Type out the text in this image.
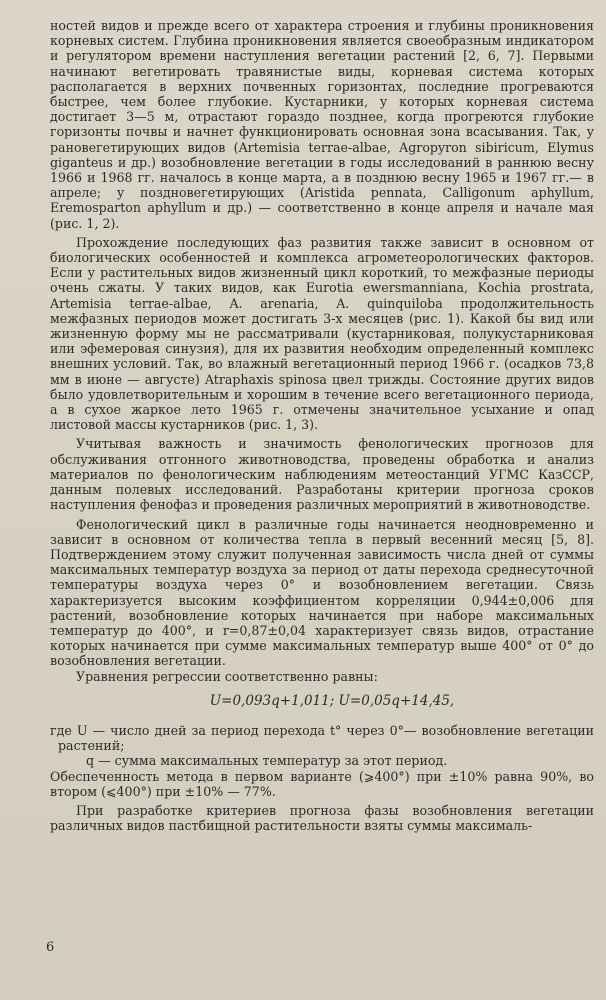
ностей видов и прежде всего от характера строения и глубины проникновения корневых систем. Глубина проникновения является своеобразным индикатором и регулятором времени наступления вегетации растений [2, 6, 7]. Первыми начинают вегетировать травянистые виды, корневая система которых располагается в верхних почвенных горизонтах, последние прогреваются быстрее, чем более глубокие. Кустарники, у которых корневая система достигает 3—5 м, отрастают гораздо позднее, когда прогреются глубокие горизонты почвы и начнет функционировать основная зона всасывания. Так, у рановегетирующих видов (Artemisia terrae-albae, Agropyron sibiricum, Elymus giganteus и др.) возобновление вегетации в годы исследований в раннюю весну 1966 и 1968 гг. началось в конце марта, а в позднюю весну 1965 и 1967 гг.— в апреле; у поздновегетирующих (Aristida pennata, Calligonum aphyllum, Eremosparton aphyllum и др.) — соответственно в конце апреля и начале мая (рис. 1, 2).

Прохождение последующих фаз развития также зависит в основном от биологических особенностей и комплекса агрометеорологических факторов. Если у растительных видов жизненный цикл короткий, то межфазные периоды очень сжаты. У таких видов, как Eurotia ewersmanniana, Kochia prostrata, Artemisia terrae-albae, A. arenaria, A. quinquiloba продолжительность межфазных периодов может достигать 3-х месяцев (рис. 1). Какой бы вид или жизненную форму мы не рассматривали (кустарниковая, полукустарниковая или эфемеровая синузия), для их развития необходим определенный комплекс внешних условий. Так, во влажный вегетационный период 1966 г. (осадков 73,8 мм в июне — августе) Atraphaxis spinosa цвел трижды. Состояние других видов было удовлетворительным и хорошим в течение всего вегетационного периода, а в сухое жаркое лето 1965 г. отмечены значительное усыхание и опад листовой массы кустарников (рис. 1, 3).

Учитывая важность и значимость фенологических прогнозов для обслуживания отгонного животноводства, проведены обработка и анализ материалов по фенологическим наблюдениям метеостанций УГМС КазССР, данным полевых исследований. Разработаны критерии прогноза сроков наступления фенофаз и проведения различных мероприятий в животноводстве.

Фенологический цикл в различные годы начинается неодновременно и зависит в основном от количества тепла в первый весенний месяц [5, 8]. Подтверждением этому служит полученная зависимость числа дней от суммы максимальных температур воздуха за период от даты перехода среднесуточной температуры воздуха через 0° и возобновлением вегетации. Связь характеризуется высоким коэффициентом корреляции 0,944±0,006 для растений, возобновление которых начинается при наборе максимальных температур до 400°, и r=0,87±0,04 характеризует связь видов, отрастание которых начинается при сумме максимальных температур выше 400° от 0° до возобновления вегетации.

Уравнения регрессии соответственно равны:

U=0,093q+1,011; U=0,05q+14,45,

где U — число дней за период перехода t° через 0°— возобновление вегетации растений;

q — сумма максимальных температур за этот период.

Обеспеченность метода в первом варианте (⩾400°) при ±10% равна 90%, во втором (⩽400°) при ±10% — 77%.

При разработке критериев прогноза фазы возобновления вегетации различных видов пастбищной растительности взяты суммы максималь-

6
